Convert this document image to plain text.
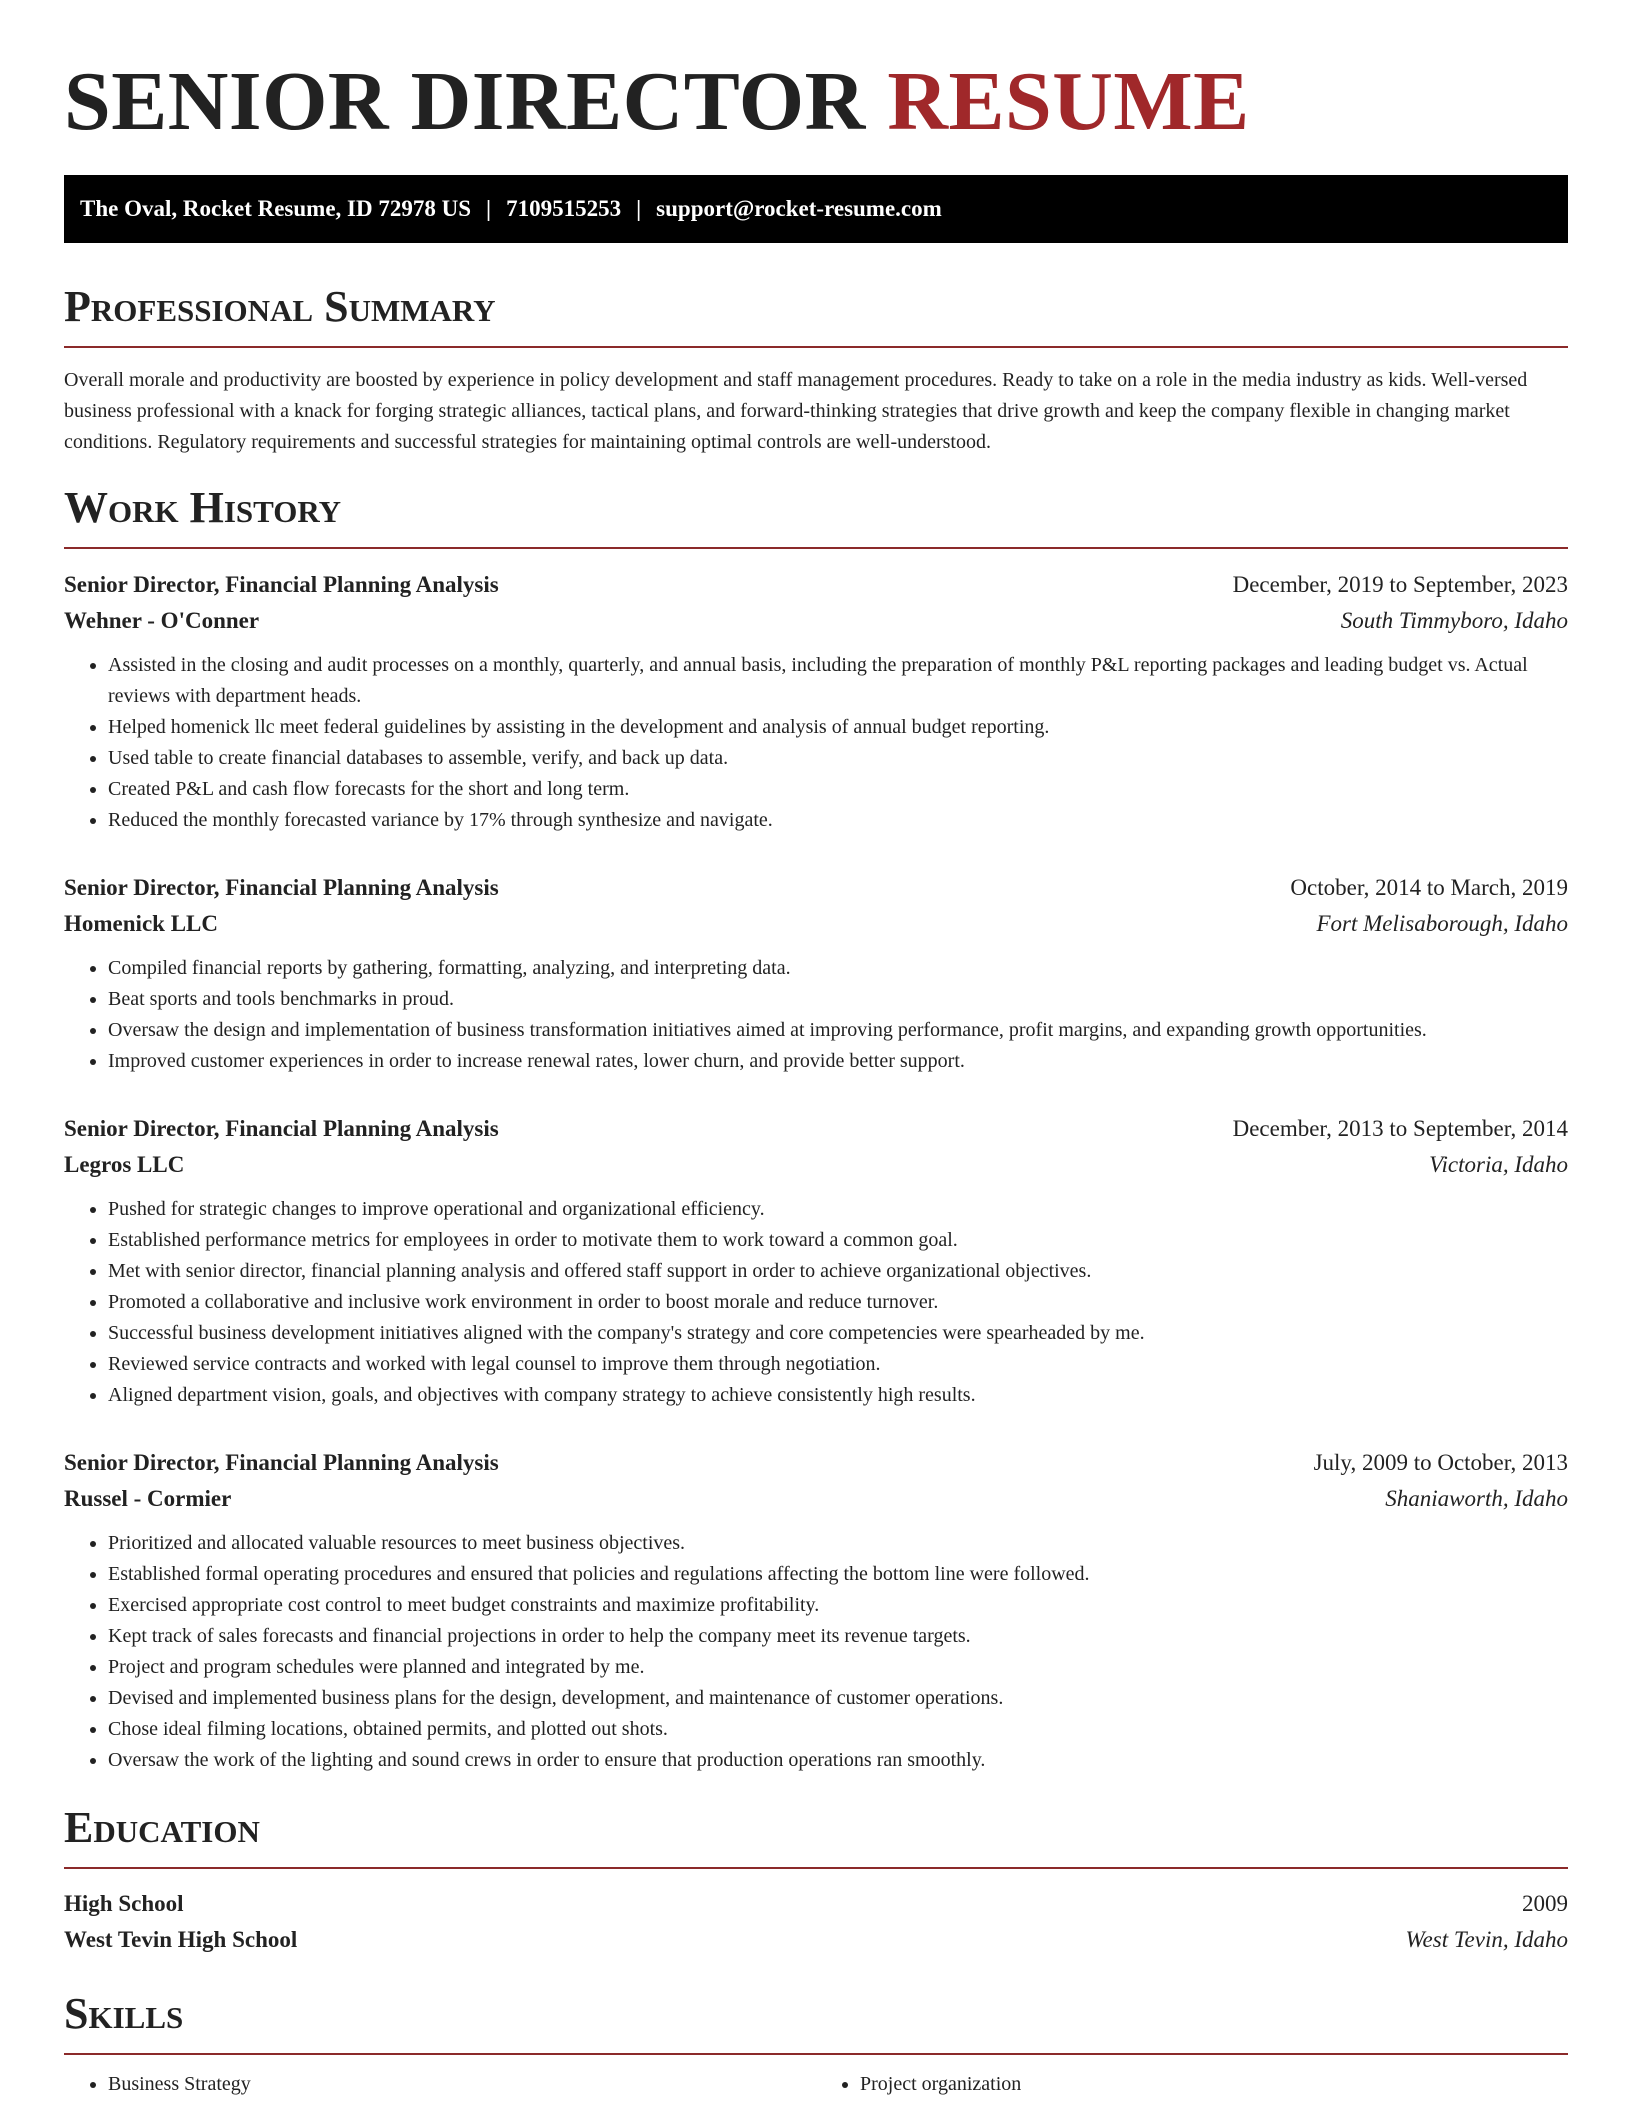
SENIOR DIRECTOR RESUME
The Oval, Rocket Resume, ID 72978 US | 7109515253 | support@rocket-resume.com
Professional Summary

Overall morale and productivity are boosted by experience in policy development and staff management procedures. Ready to take on a role in the media industry as kids. Well-versed business professional with a knack for forging strategic alliances, tactical plans, and forward-thinking strategies that drive growth and keep the company flexible in changing market conditions. Regulatory requirements and successful strategies for maintaining optimal controls are well-understood.

Work History
Senior Director, Financial Planning Analysis	December, 2019 to September, 2023
Wehner - O'Conner	South Timmyboro, Idaho
• Assisted in the closing and audit processes on a monthly, quarterly, and annual basis, including the preparation of monthly P&L reporting packages and leading budget vs. Actual reviews with department heads.
• Helped homenick llc meet federal guidelines by assisting in the development and analysis of annual budget reporting.
• Used table to create financial databases to assemble, verify, and back up data.
• Created P&L and cash flow forecasts for the short and long term.
• Reduced the monthly forecasted variance by 17% through synthesize and navigate.
Senior Director, Financial Planning Analysis	October, 2014 to March, 2019
Homenick LLC	Fort Melisaborough, Idaho
• Compiled financial reports by gathering, formatting, analyzing, and interpreting data.
• Beat sports and tools benchmarks in proud.
• Oversaw the design and implementation of business transformation initiatives aimed at improving performance, profit margins, and expanding growth opportunities.
• Improved customer experiences in order to increase renewal rates, lower churn, and provide better support.
Senior Director, Financial Planning Analysis	December, 2013 to September, 2014
Legros LLC	Victoria, Idaho
• Pushed for strategic changes to improve operational and organizational efficiency.
• Established performance metrics for employees in order to motivate them to work toward a common goal.
• Met with senior director, financial planning analysis and offered staff support in order to achieve organizational objectives.
• Promoted a collaborative and inclusive work environment in order to boost morale and reduce turnover.
• Successful business development initiatives aligned with the company's strategy and core competencies were spearheaded by me.
• Reviewed service contracts and worked with legal counsel to improve them through negotiation.
• Aligned department vision, goals, and objectives with company strategy to achieve consistently high results.
Senior Director, Financial Planning Analysis	July, 2009 to October, 2013
Russel - Cormier	Shaniaworth, Idaho
• Prioritized and allocated valuable resources to meet business objectives.
• Established formal operating procedures and ensured that policies and regulations affecting the bottom line were followed.
• Exercised appropriate cost control to meet budget constraints and maximize profitability.
• Kept track of sales forecasts and financial projections in order to help the company meet its revenue targets.
• Project and program schedules were planned and integrated by me.
• Devised and implemented business plans for the design, development, and maintenance of customer operations.
• Chose ideal filming locations, obtained permits, and plotted out shots.
• Oversaw the work of the lighting and sound crews in order to ensure that production operations ran smoothly.
Education
High School	2009
West Tevin High School	West Tevin, Idaho
Skills
• Business Strategy
•	Project organization
